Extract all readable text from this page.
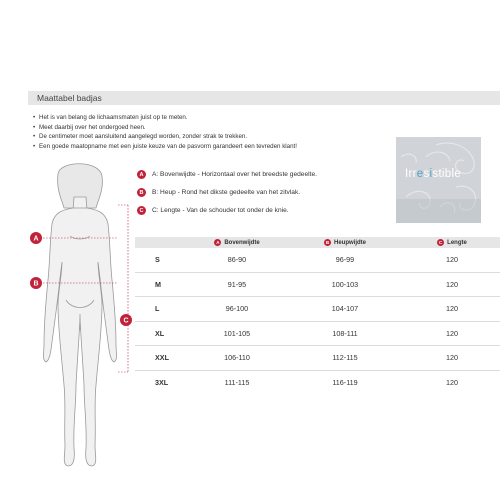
Maattabel badjas
• Het is van belang de lichaamsmaten juist op te meten.
• Meet daarbij over het ondergoed heen.
• De centimeter moet aansluitend aangelegd worden, zonder strak te trekken.
• Een goede maatopname met een juiste keuze van de pasvorm garandeert een tevreden klant!
Irresistible
A	A: Bovenwijdte - Horizontaal over het breedste gedeelte.
B	B: Heup - Rond het dikste gedeelte van het zitvlak.
C	C: Lengte - Van de schouder tot onder de knie.
A
B
C
A Bovenwijdte	B Heupwijdte	C Lengte
S	86-90	96-99	120
M	91-95	100-103	120
L	96-100	104-107	120
XL	101-105	108-111	120
XXL	106-110	112-115	120
3XL	111-115	116-119	120
